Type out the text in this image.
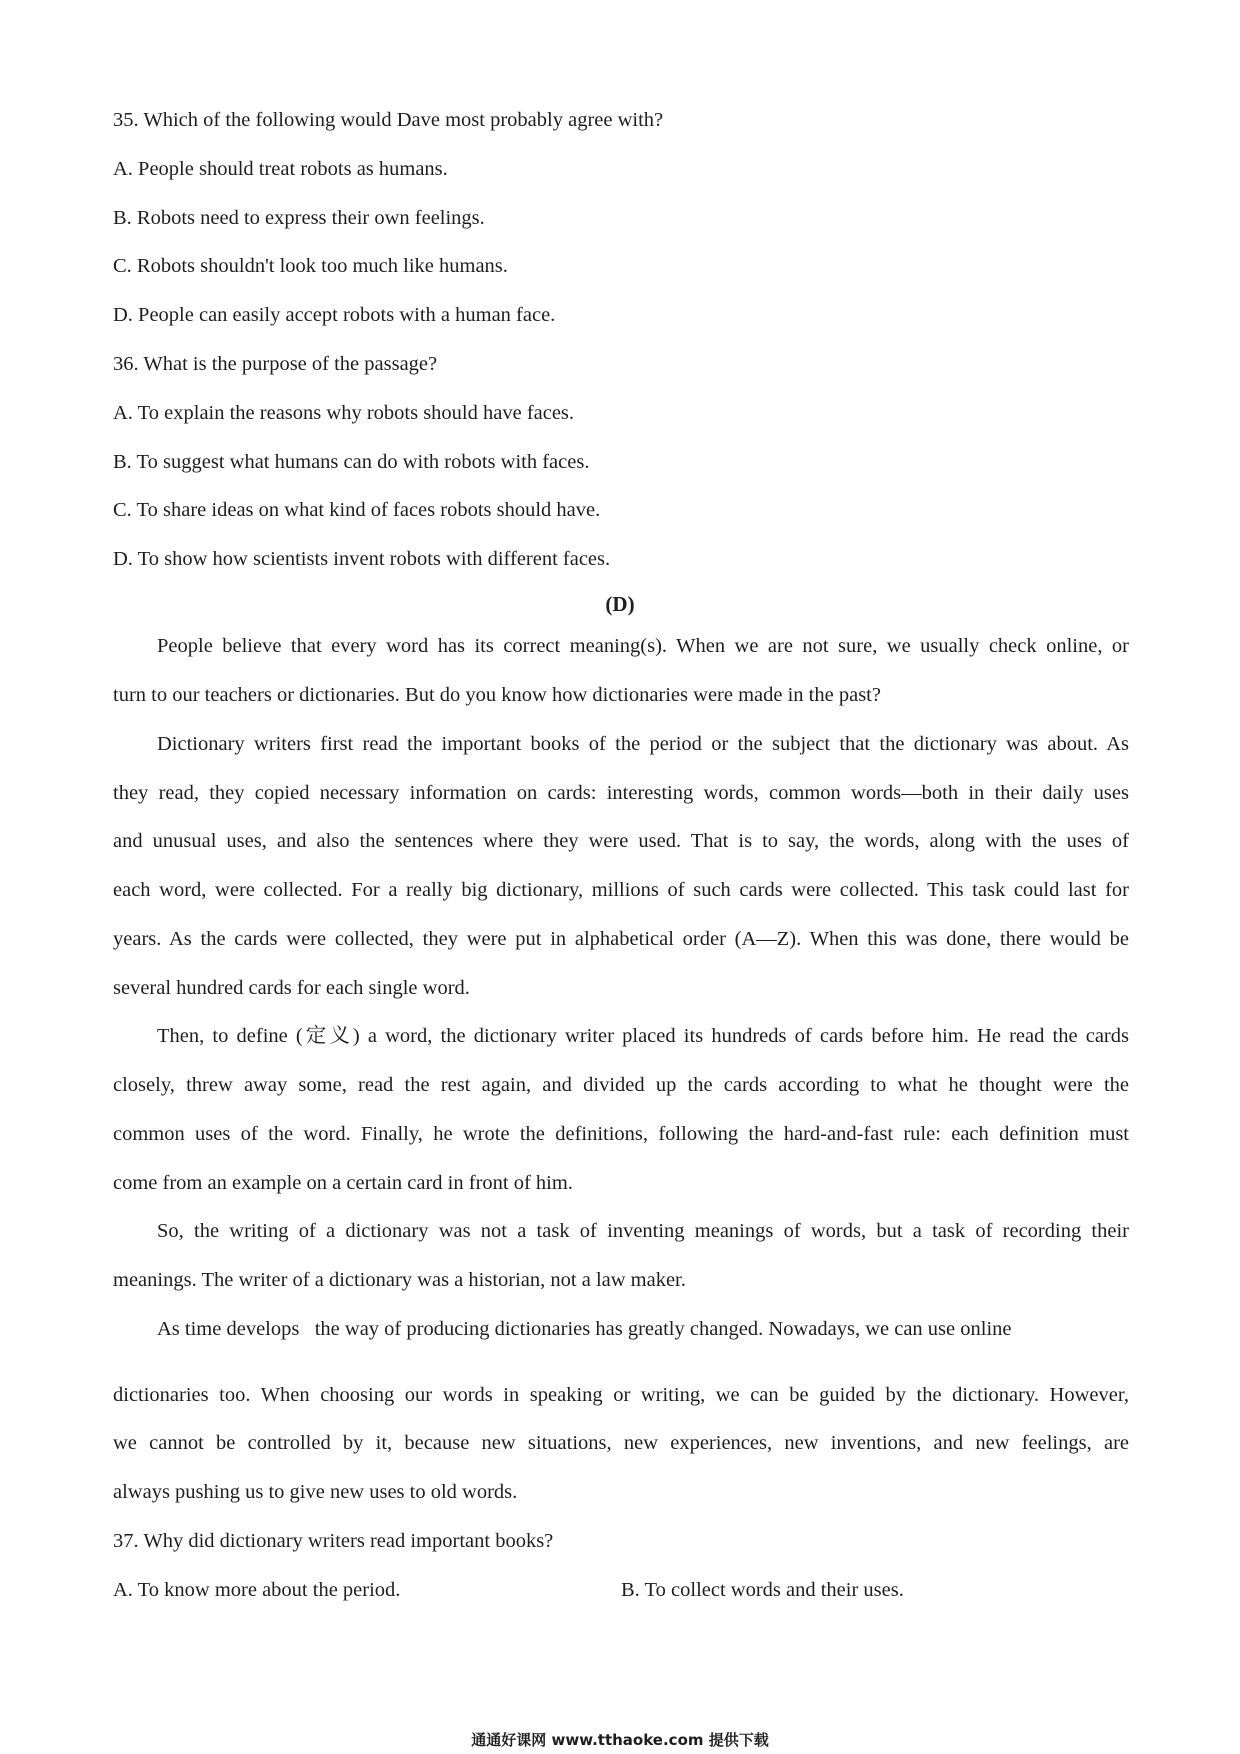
35. Which of the following would Dave most probably agree with?
A. People should treat robots as humans.
B. Robots need to express their own feelings.
C. Robots shouldn't look too much like humans.
D. People can easily accept robots with a human face.
36. What is the purpose of the passage?
A. To explain the reasons why robots should have faces.
B. To suggest what humans can do with robots with faces.
C. To share ideas on what kind of faces robots should have.
D. To show how scientists invent robots with different faces.
(D)
People believe that every word has its correct meaning(s). When we are not sure, we usually check online, or
turn to our teachers or dictionaries. But do you know how dictionaries were made in the past?
Dictionary writers first read the important books of the period or the subject that the dictionary was about. As
they read, they copied necessary information on cards: interesting words, common words—both in their daily uses
and unusual uses, and also the sentences where they were used. That is to say, the words, along with the uses of
each word, were collected. For a really big dictionary, millions of such cards were collected. This task could last for
years. As the cards were collected, they were put in alphabetical order (A—Z). When this was done, there would be
several hundred cards for each single word.
Then, to define (定义) a word, the dictionary writer placed its hundreds of cards before him. He read the cards
closely, threw away some, read the rest again, and divided up the cards according to what he thought were the
common uses of the word. Finally, he wrote the definitions, following the hard-and-fast rule: each definition must
come from an example on a certain card in front of him.
So, the writing of a dictionary was not a task of inventing meanings of words, but a task of recording their
meanings. The writer of a dictionary was a historian, not a law maker.
As time develops   the way of producing dictionaries has greatly changed. Nowadays, we can use online
dictionaries too. When choosing our words in speaking or writing, we can be guided by the dictionary. However,
we cannot be controlled by it, because new situations, new experiences, new inventions, and new feelings, are
always pushing us to give new uses to old words.
37. Why did dictionary writers read important books?
A. To know more about the period.	B. To collect words and their uses.
通通好课网 www.tthaoke.com 提供下载
